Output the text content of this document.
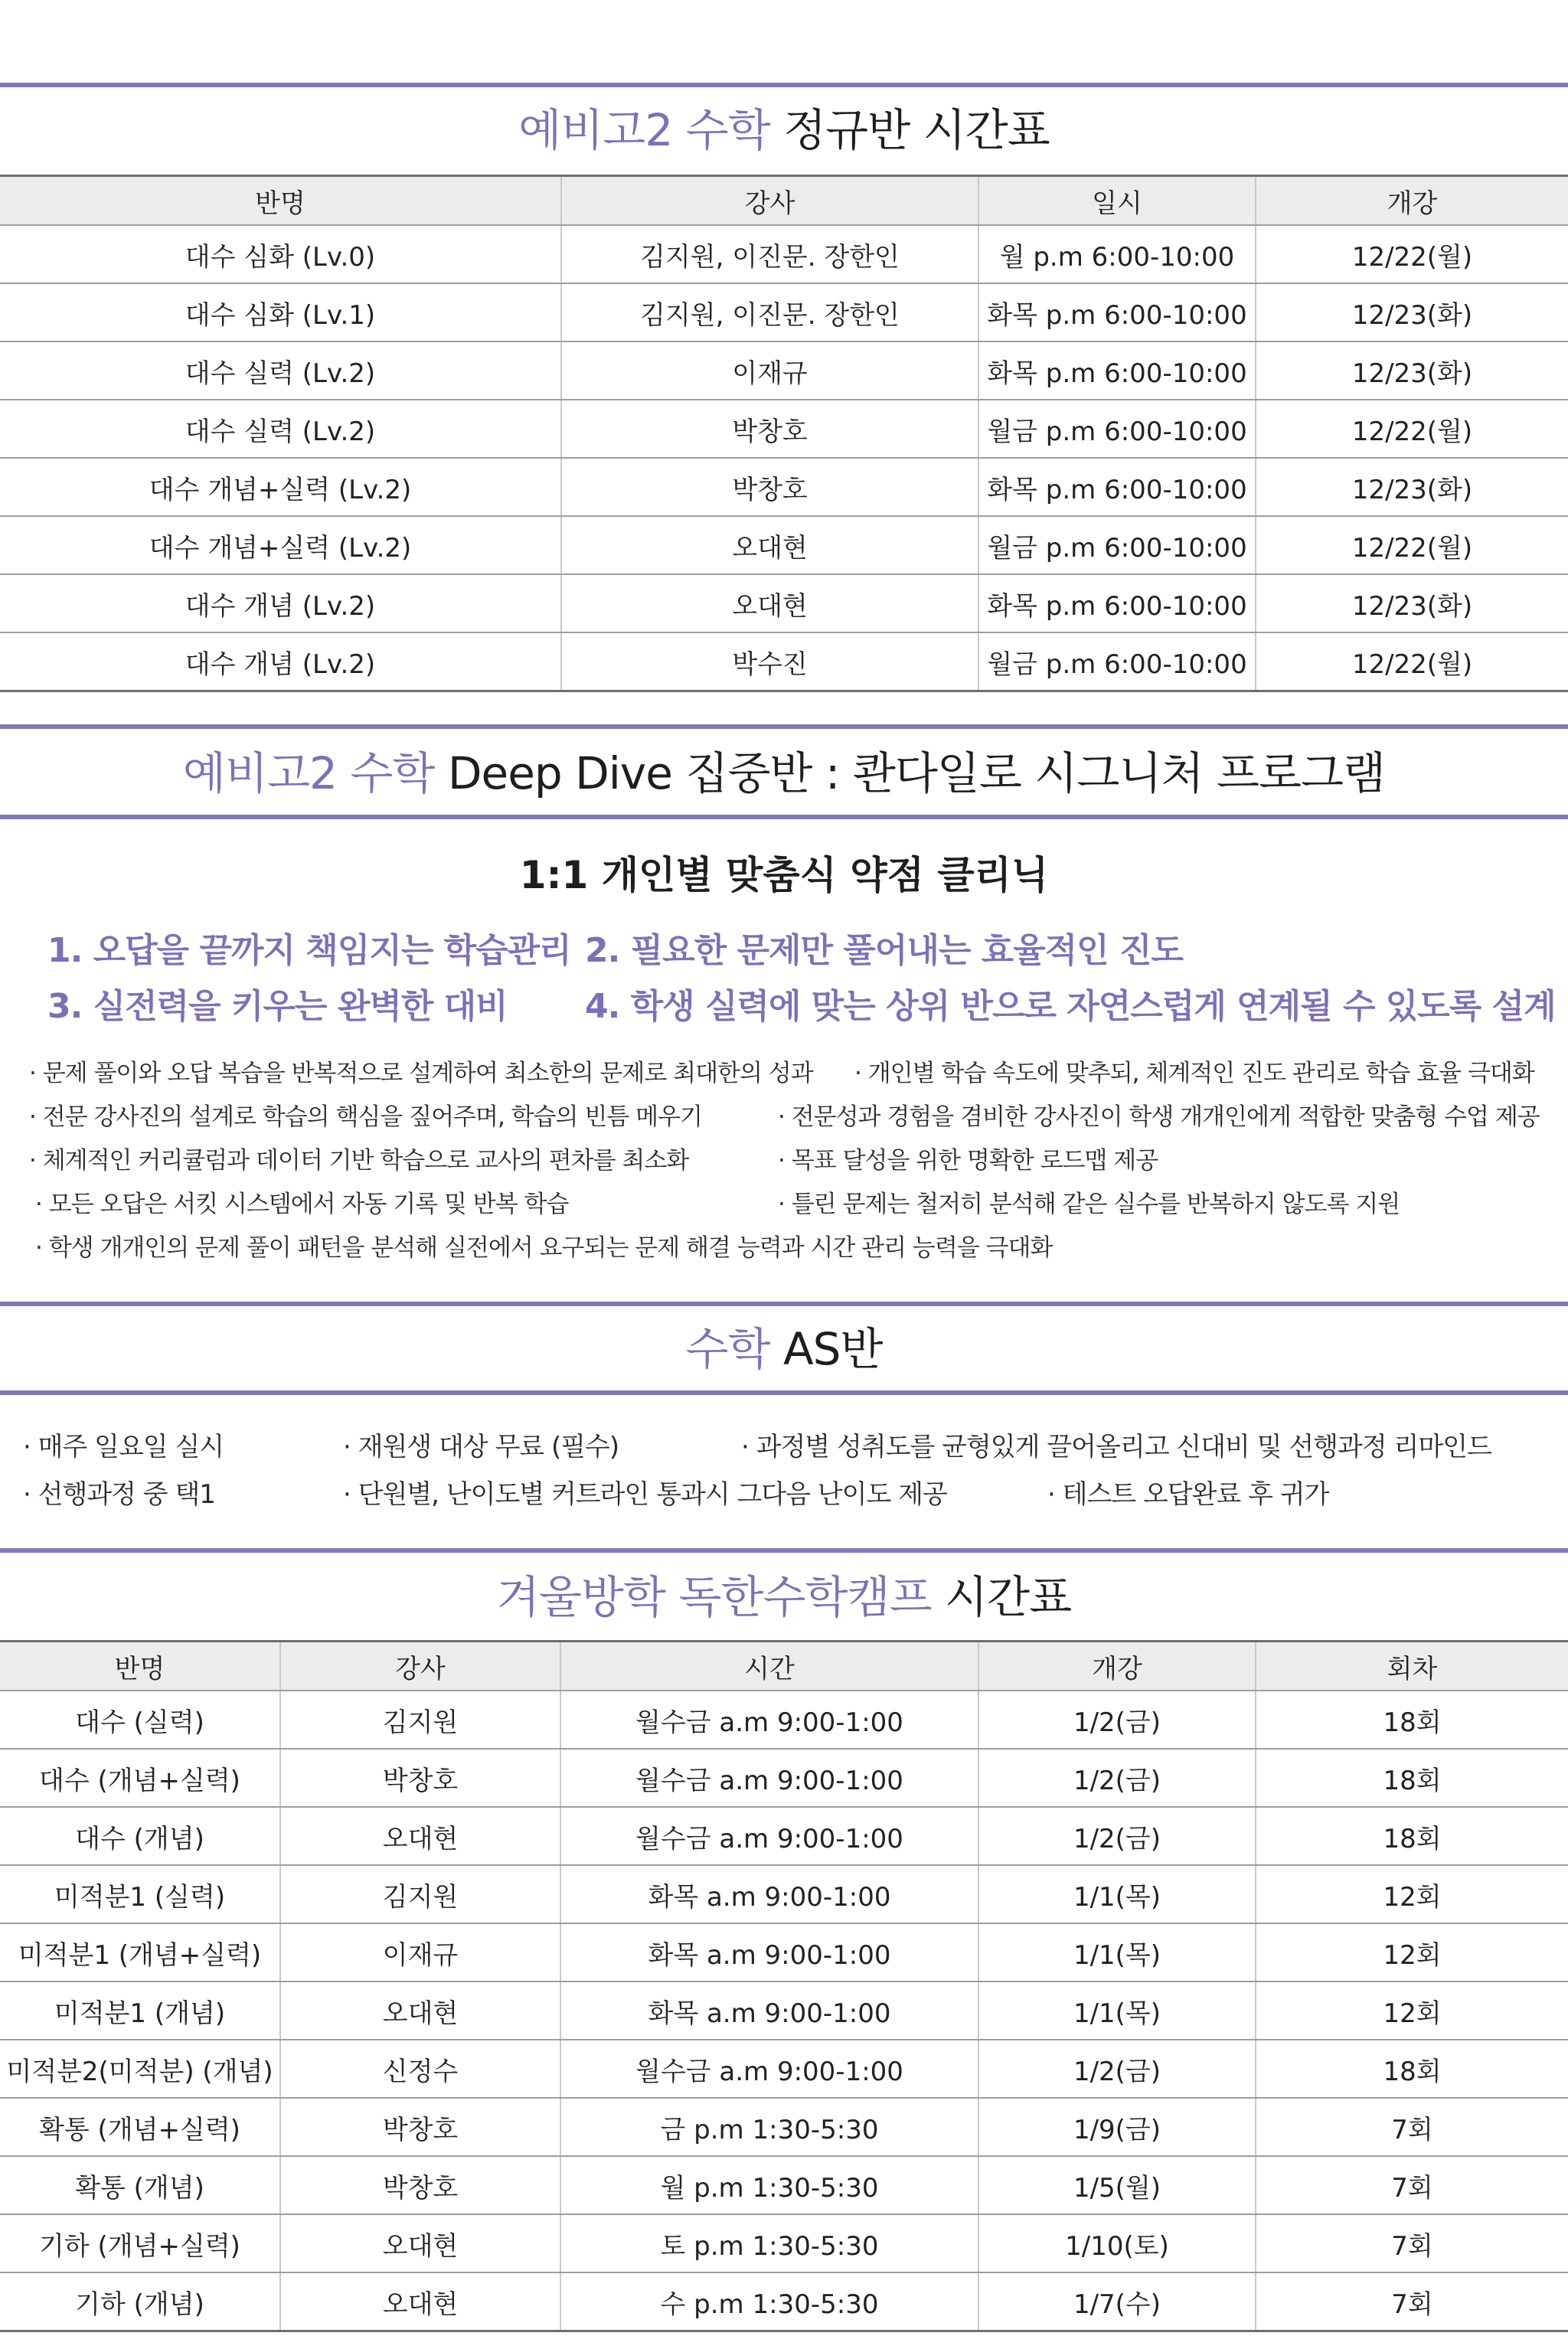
예비고2 수학 정규반 시간표
반명	강사	일시	개강
대수 심화 (Lv.0)	김지원, 이진문. 장한인	월 p.m 6:00-10:00	12/22(월)
대수 심화 (Lv.1)	김지원, 이진문. 장한인	화목 p.m 6:00-10:00	12/23(화)
대수 실력 (Lv.2)	이재규	화목 p.m 6:00-10:00	12/23(화)
대수 실력 (Lv.2)	박창호	월금 p.m 6:00-10:00	12/22(월)
대수 개념+실력 (Lv.2)	박창호	화목 p.m 6:00-10:00	12/23(화)
대수 개념+실력 (Lv.2)	오대현	월금 p.m 6:00-10:00	12/22(월)
대수 개념 (Lv.2)	오대현	화목 p.m 6:00-10:00	12/23(화)
대수 개념 (Lv.2)	박수진	월금 p.m 6:00-10:00	12/22(월)
예비고2 수학 Deep Dive 집중반 : 콴다일로 시그니처 프로그램
1:1 개인별 맞춤식 약점 클리닉
1. 오답을 끝까지 책임지는 학습관리 2. 필요한 문제만 풀어내는 효율적인 진도
3. 실전력을 키우는 완벽한 대비 4. 학생 실력에 맞는 상위 반으로 자연스럽게 연계될 수 있도록 설계
· 문제 풀이와 오답 복습을 반복적으로 설계하여 최소한의 문제로 최대한의 성과 · 개인별 학습 속도에 맞추되, 체계적인 진도 관리로 학습 효율 극대화
· 전문 강사진의 설계로 학습의 핵심을 짚어주며, 학습의 빈틈 메우기	· 전문성과 경험을 겸비한 강사진이 학생 개개인에게 적합한 맞춤형 수업 제공
· 체계적인 커리큘럼과 데이터 기반 학습으로 교사의 편차를 최소화	· 목표 달성을 위한 명확한 로드맵 제공
· 모든 오답은 서킷 시스템에서 자동 기록 및 반복 학습	· 틀린 문제는 철저히 분석해 같은 실수를 반복하지 않도록 지원
· 학생 개개인의 문제 풀이 패턴을 분석해 실전에서 요구되는 문제 해결 능력과 시간 관리 능력을 극대화
수학 AS반
· 매주 일요일 실시	· 재원생 대상 무료 (필수)	· 과정별 성취도를 균형있게 끌어올리고 신대비 및 선행과정 리마인드
· 선행과정 중 택1	· 단원별, 난이도별 커트라인 통과시 그다음 난이도 제공	· 테스트 오답완료 후 귀가
겨울방학 독한수학캠프 시간표
반명	강사	시간	개강	회차
대수 (실력)	김지원	월수금 a.m 9:00-1:00	1/2(금)	18회
대수 (개념+실력)	박창호	월수금 a.m 9:00-1:00	1/2(금)	18회
대수 (개념)	오대현	월수금 a.m 9:00-1:00	1/2(금)	18회
미적분1 (실력)	김지원	화목 a.m 9:00-1:00	1/1(목)	12회
미적분1 (개념+실력)	이재규	화목 a.m 9:00-1:00	1/1(목)	12회
미적분1 (개념)	오대현	화목 a.m 9:00-1:00	1/1(목)	12회
미적분2(미적분) (개념)	신정수	월수금 a.m 9:00-1:00	1/2(금)	18회
확통 (개념+실력)	박창호	금 p.m 1:30-5:30	1/9(금)	7회
확통 (개념)	박창호	월 p.m 1:30-5:30	1/5(월)	7회
기하 (개념+실력)	오대현	토 p.m 1:30-5:30	1/10(토)	7회
기하 (개념)	오대현	수 p.m 1:30-5:30	1/7(수)	7회
